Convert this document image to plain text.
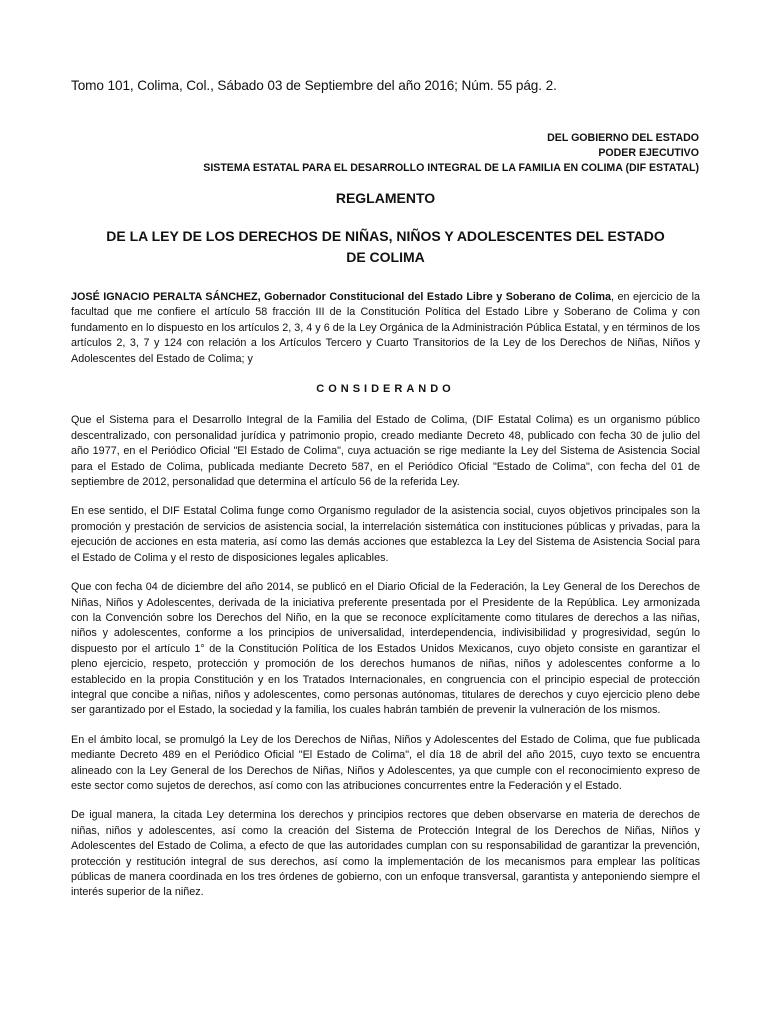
Tomo 101, Colima, Col., Sábado 03 de Septiembre del año 2016; Núm. 55 pág. 2.
DEL GOBIERNO DEL ESTADO
PODER EJECUTIVO
SISTEMA ESTATAL PARA EL DESARROLLO INTEGRAL DE LA FAMILIA EN COLIMA (DIF ESTATAL)
REGLAMENTO
DE LA LEY DE LOS DERECHOS DE NIÑAS, NIÑOS Y ADOLESCENTES DEL ESTADO
DE COLIMA

JOSÉ IGNACIO PERALTA SÁNCHEZ, Gobernador Constitucional del Estado Libre y Soberano de Colima, en ejercicio de la facultad que me confiere el artículo 58 fracción III de la Constitución Política del Estado Libre y Soberano de Colima y con fundamento en lo dispuesto en los artículos 2, 3, 4 y 6 de la Ley Orgánica de la Administración Pública Estatal, y en términos de los artículos 2, 3, 7 y 124 con relación a los Artículos Tercero y Cuarto Transitorios de la Ley de los Derechos de Niñas, Niños y Adolescentes del Estado de Colima; y

CONSIDERANDO

Que el Sistema para el Desarrollo Integral de la Familia del Estado de Colima, (DIF Estatal Colima) es un organismo público descentralizado, con personalidad jurídica y patrimonio propio, creado mediante Decreto 48, publicado con fecha 30 de julio del año 1977, en el Periódico Oficial "El Estado de Colima", cuya actuación se rige mediante la Ley del Sistema de Asistencia Social para el Estado de Colima, publicada mediante Decreto 587, en el Periódico Oficial "Estado de Colima", con fecha del 01 de septiembre de 2012, personalidad que determina el artículo 56 de la referida Ley.

En ese sentido, el DIF Estatal Colima funge como Organismo regulador de la asistencia social, cuyos objetivos principales son la promoción y prestación de servicios de asistencia social, la interrelación sistemática con instituciones públicas y privadas, para la ejecución de acciones en esta materia, así como las demás acciones que establezca la Ley del Sistema de Asistencia Social para el Estado de Colima y el resto de disposiciones legales aplicables.

Que con fecha 04 de diciembre del año 2014, se publicó en el Diario Oficial de la Federación, la Ley General de los Derechos de Niñas, Niños y Adolescentes, derivada de la iniciativa preferente presentada por el Presidente de la República. Ley armonizada con la Convención sobre los Derechos del Niño, en la que se reconoce explícitamente como titulares de derechos a las niñas, niños y adolescentes, conforme a los principios de universalidad, interdependencia, indivisibilidad y progresividad, según lo dispuesto por el artículo 1° de la Constitución Política de los Estados Unidos Mexicanos, cuyo objeto consiste en garantizar el pleno ejercicio, respeto, protección y promoción de los derechos humanos de niñas, niños y adolescentes conforme a lo establecido en la propia Constitución y en los Tratados Internacionales, en congruencia con el principio especial de protección integral que concibe a niñas, niños y adolescentes, como personas autónomas, titulares de derechos y cuyo ejercicio pleno debe ser garantizado por el Estado, la sociedad y la familia, los cuales habrán también de prevenir la vulneración de los mismos.

En el ámbito local, se promulgó la Ley de los Derechos de Niñas, Niños y Adolescentes del Estado de Colima, que fue publicada mediante Decreto 489 en el Periódico Oficial "El Estado de Colima", el día 18 de abril del año 2015, cuyo texto se encuentra alineado con la Ley General de los Derechos de Niñas, Niños y Adolescentes, ya que cumple con el reconocimiento expreso de este sector como sujetos de derechos, así como con las atribuciones concurrentes entre la Federación y el Estado.

De igual manera, la citada Ley determina los derechos y principios rectores que deben observarse en materia de derechos de niñas, niños y adolescentes, así como la creación del Sistema de Protección Integral de los Derechos de Niñas, Niños y Adolescentes del Estado de Colima, a efecto de que las autoridades cumplan con su responsabilidad de garantizar la prevención, protección y restitución integral de sus derechos, así como la implementación de los mecanismos para emplear las políticas públicas de manera coordinada en los tres órdenes de gobierno, con un enfoque transversal, garantista y anteponiendo siempre el interés superior de la niñez.
